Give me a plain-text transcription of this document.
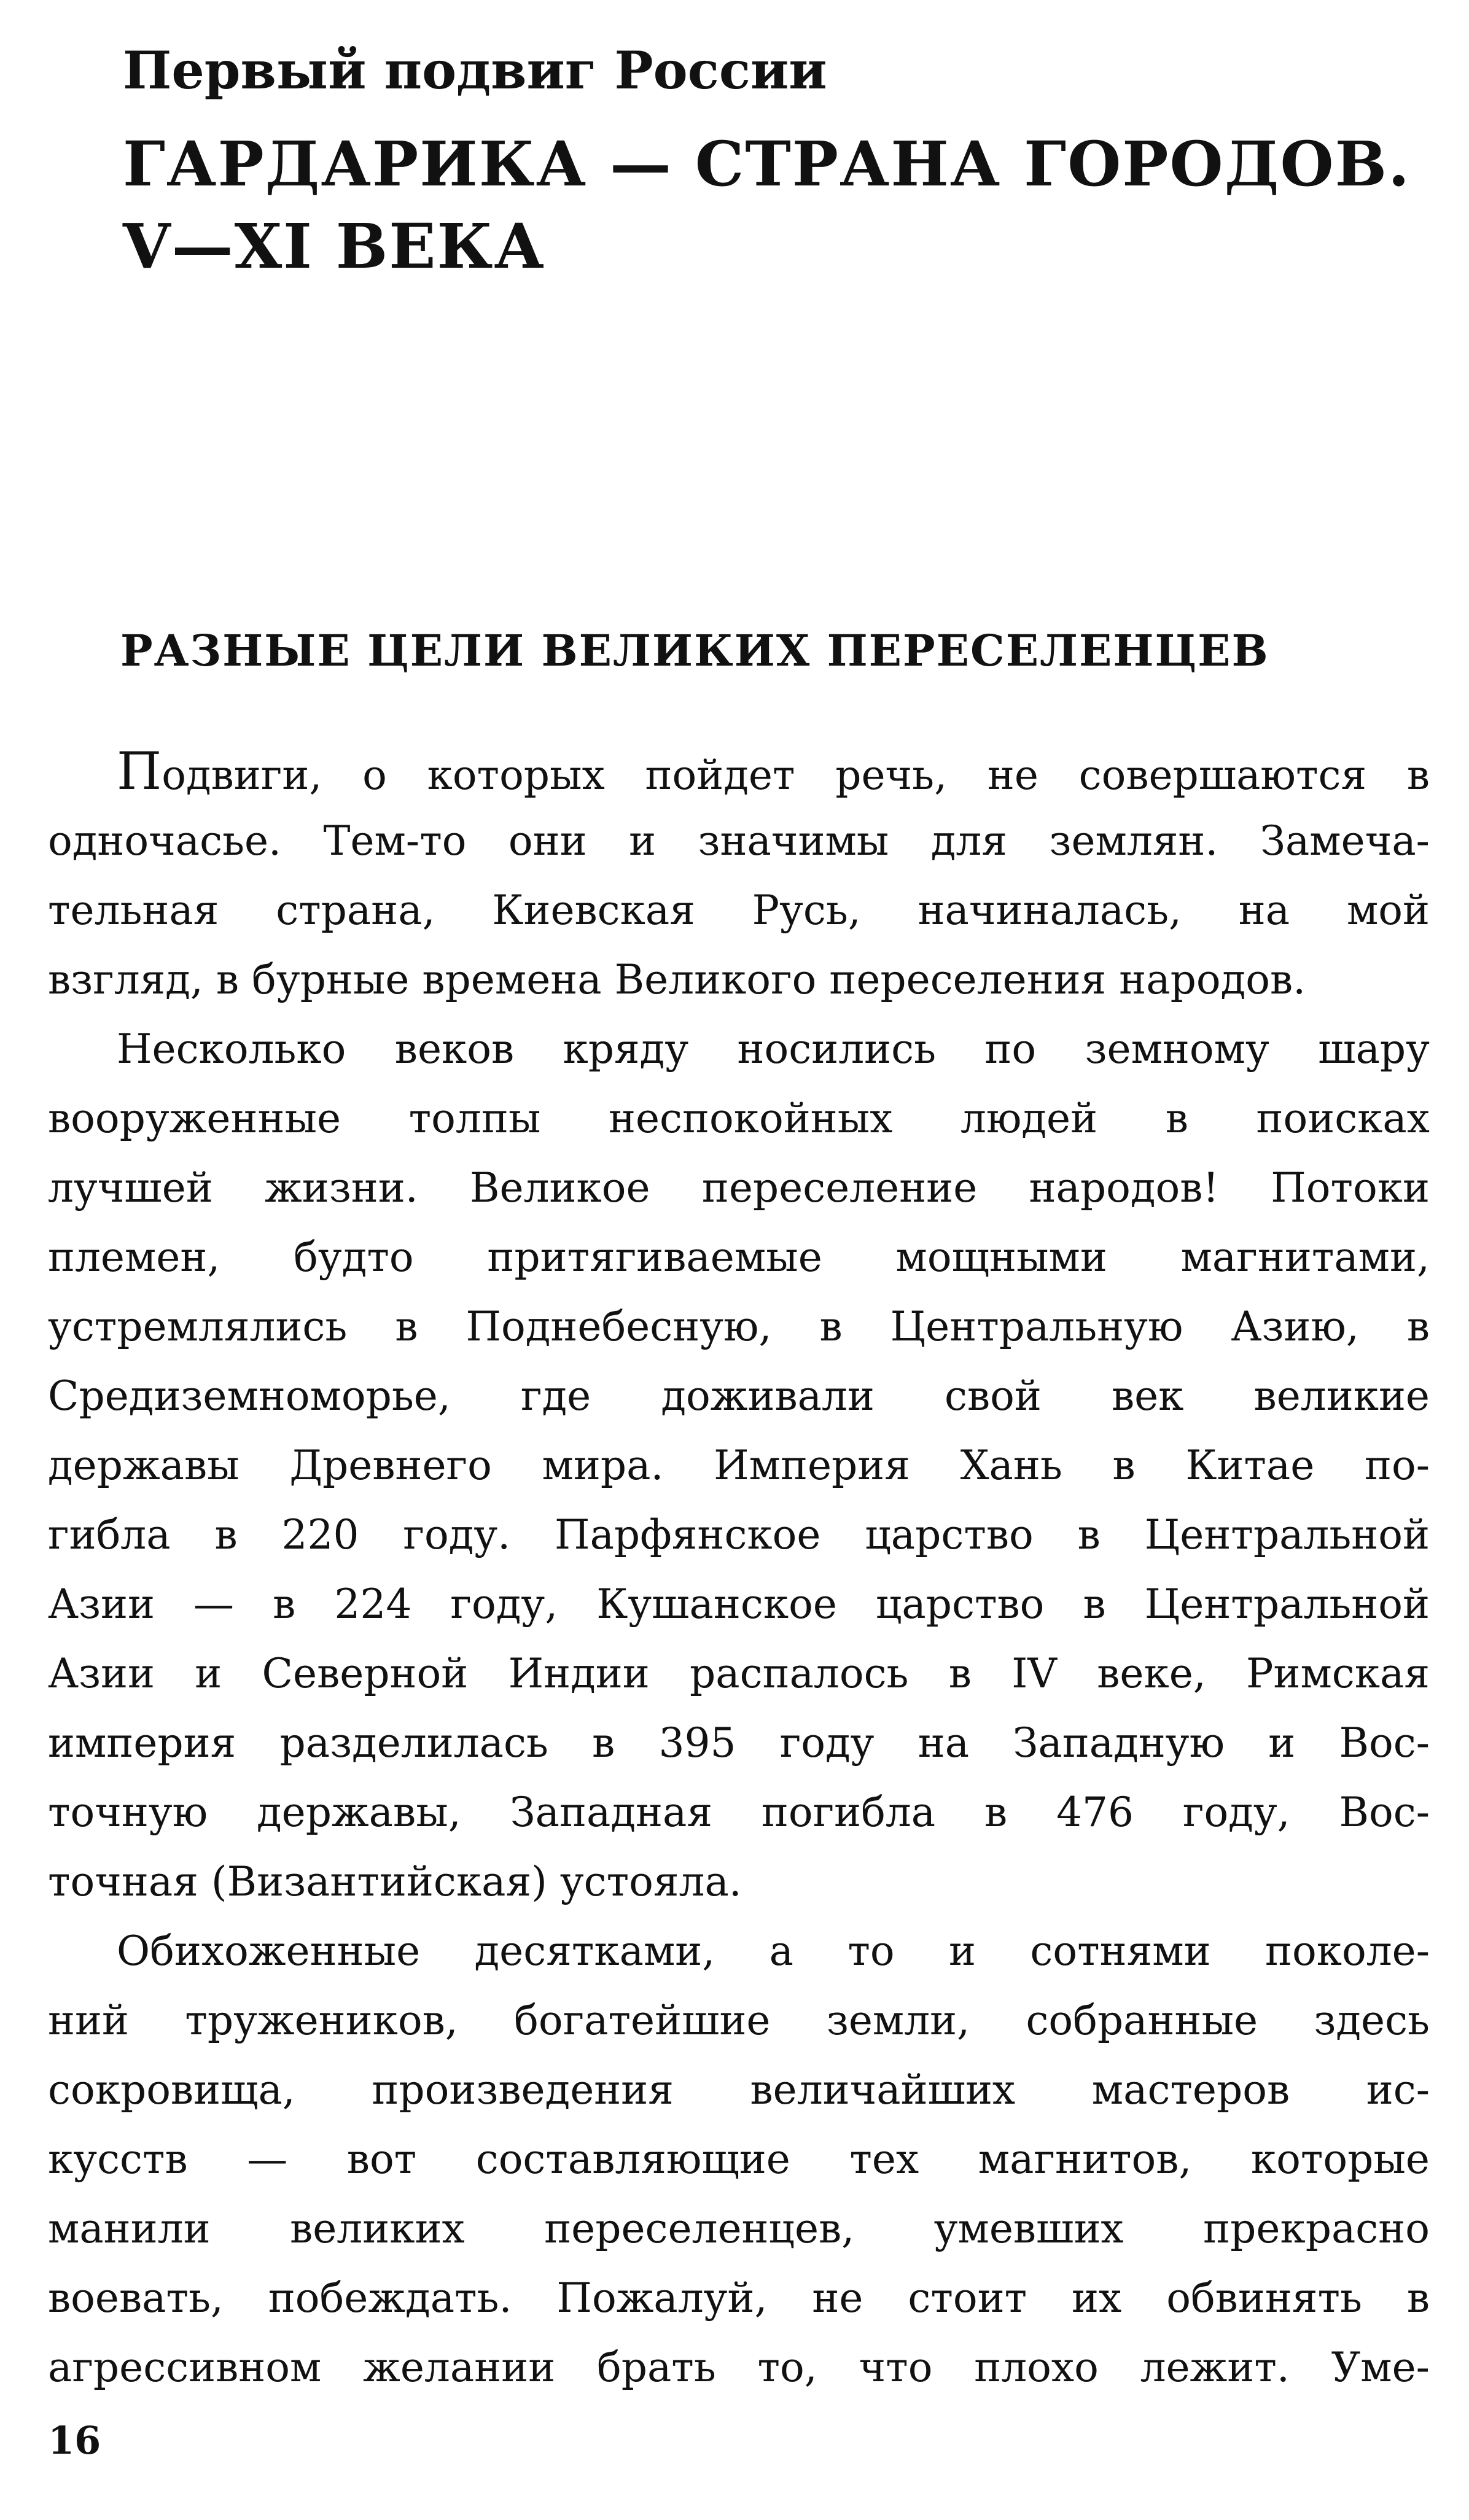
Первый подвиг России
ГАРДАРИКА — СТРАНА ГОРОДОВ.
V—XI ВЕКА
РАЗНЫЕ ЦЕЛИ ВЕЛИКИХ ПЕРЕСЕЛЕНЦЕВ
Подвиги, о которых пойдет речь, не совершаются в
одночасье. Тем-то они и значимы для землян. Замеча-
тельная страна, Киевская Русь, начиналась, на мой
взгляд, в бурные времена Великого переселения народов.
Несколько веков кряду носились по земному шару
вооруженные толпы неспокойных людей в поисках
лучшей жизни. Великое переселение народов! Потоки
племен, будто притягиваемые мощными магнитами,
устремлялись в Поднебесную, в Центральную Азию, в
Средиземноморье, где доживали свой век великие
державы Древнего мира. Империя Хань в Китае по-
гибла в 220 году. Парфянское царство в Центральной
Азии — в 224 году, Кушанское царство в Центральной
Азии и Северной Индии распалось в IV веке, Римская
империя разделилась в 395 году на Западную и Вос-
точную державы, Западная погибла в 476 году, Вос-
точная (Византийская) устояла.
Обихоженные десятками, а то и сотнями поколе-
ний тружеников, богатейшие земли, собранные здесь
сокровища, произведения величайших мастеров ис-
кусств — вот составляющие тех магнитов, которые
манили великих переселенцев, умевших прекрасно
воевать, побеждать. Пожалуй, не стоит их обвинять в
агрессивном желании брать то, что плохо лежит. Уме-
16
